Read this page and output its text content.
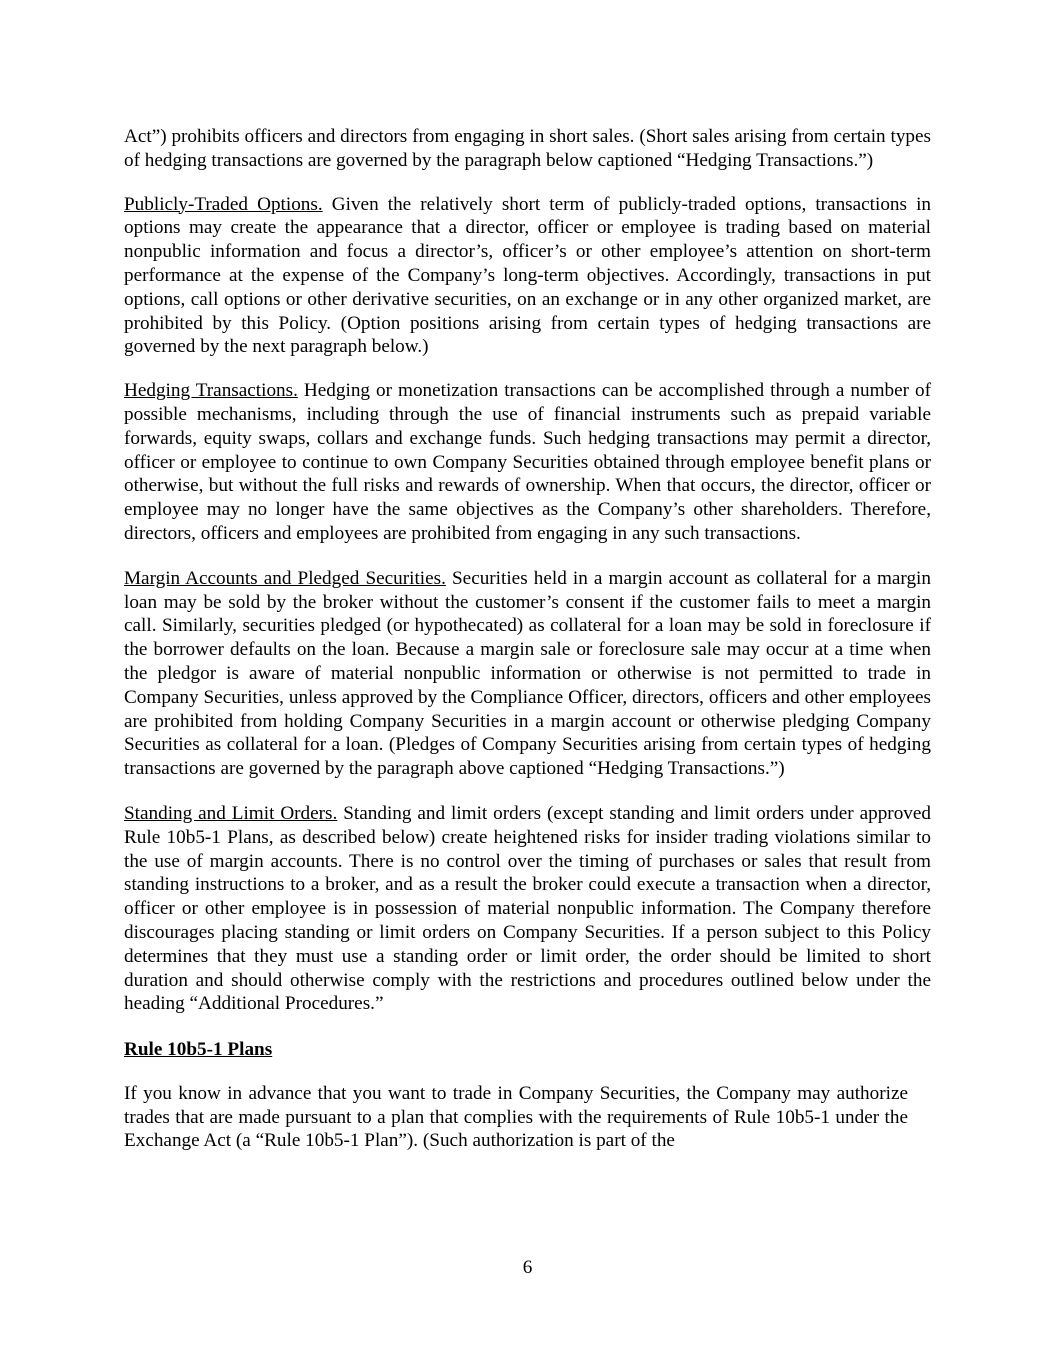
Act”) prohibits officers and directors from engaging in short sales. (Short sales arising from certain types of hedging transactions are governed by the paragraph below captioned “Hedging Transactions.”)

Publicly-Traded Options. Given the relatively short term of publicly-traded options, transactions in options may create the appearance that a director, officer or employee is trading based on material nonpublic information and focus a director’s, officer’s or other employee’s attention on short-term performance at the expense of the Company’s long-term objectives. Accordingly, transactions in put options, call options or other derivative securities, on an exchange or in any other organized market, are prohibited by this Policy. (Option positions arising from certain types of hedging transactions are governed by the next paragraph below.)

Hedging Transactions. Hedging or monetization transactions can be accomplished through a number of possible mechanisms, including through the use of financial instruments such as prepaid variable forwards, equity swaps, collars and exchange funds. Such hedging transactions may permit a director, officer or employee to continue to own Company Securities obtained through employee benefit plans or otherwise, but without the full risks and rewards of ownership. When that occurs, the director, officer or employee may no longer have the same objectives as the Company’s other shareholders. Therefore, directors, officers and employees are prohibited from engaging in any such transactions.

Margin Accounts and Pledged Securities. Securities held in a margin account as collateral for a margin loan may be sold by the broker without the customer’s consent if the customer fails to meet a margin call. Similarly, securities pledged (or hypothecated) as collateral for a loan may be sold in foreclosure if the borrower defaults on the loan. Because a margin sale or foreclosure sale may occur at a time when the pledgor is aware of material nonpublic information or otherwise is not permitted to trade in Company Securities, unless approved by the Compliance Officer, directors, officers and other employees are prohibited from holding Company Securities in a margin account or otherwise pledging Company Securities as collateral for a loan. (Pledges of Company Securities arising from certain types of hedging transactions are governed by the paragraph above captioned “Hedging Transactions.”)

Standing and Limit Orders. Standing and limit orders (except standing and limit orders under approved Rule 10b5-1 Plans, as described below) create heightened risks for insider trading violations similar to the use of margin accounts. There is no control over the timing of purchases or sales that result from standing instructions to a broker, and as a result the broker could execute a transaction when a director, officer or other employee is in possession of material nonpublic information. The Company therefore discourages placing standing or limit orders on Company Securities. If a person subject to this Policy determines that they must use a standing order or limit order, the order should be limited to short duration and should otherwise comply with the restrictions and procedures outlined below under the heading “Additional Procedures.”

Rule 10b5-1 Plans

If you know in advance that you want to trade in Company Securities, the Company may authorize trades that are made pursuant to a plan that complies with the requirements of Rule 10b5-1 under the Exchange Act (a “Rule 10b5-1 Plan”). (Such authorization is part of the

6
